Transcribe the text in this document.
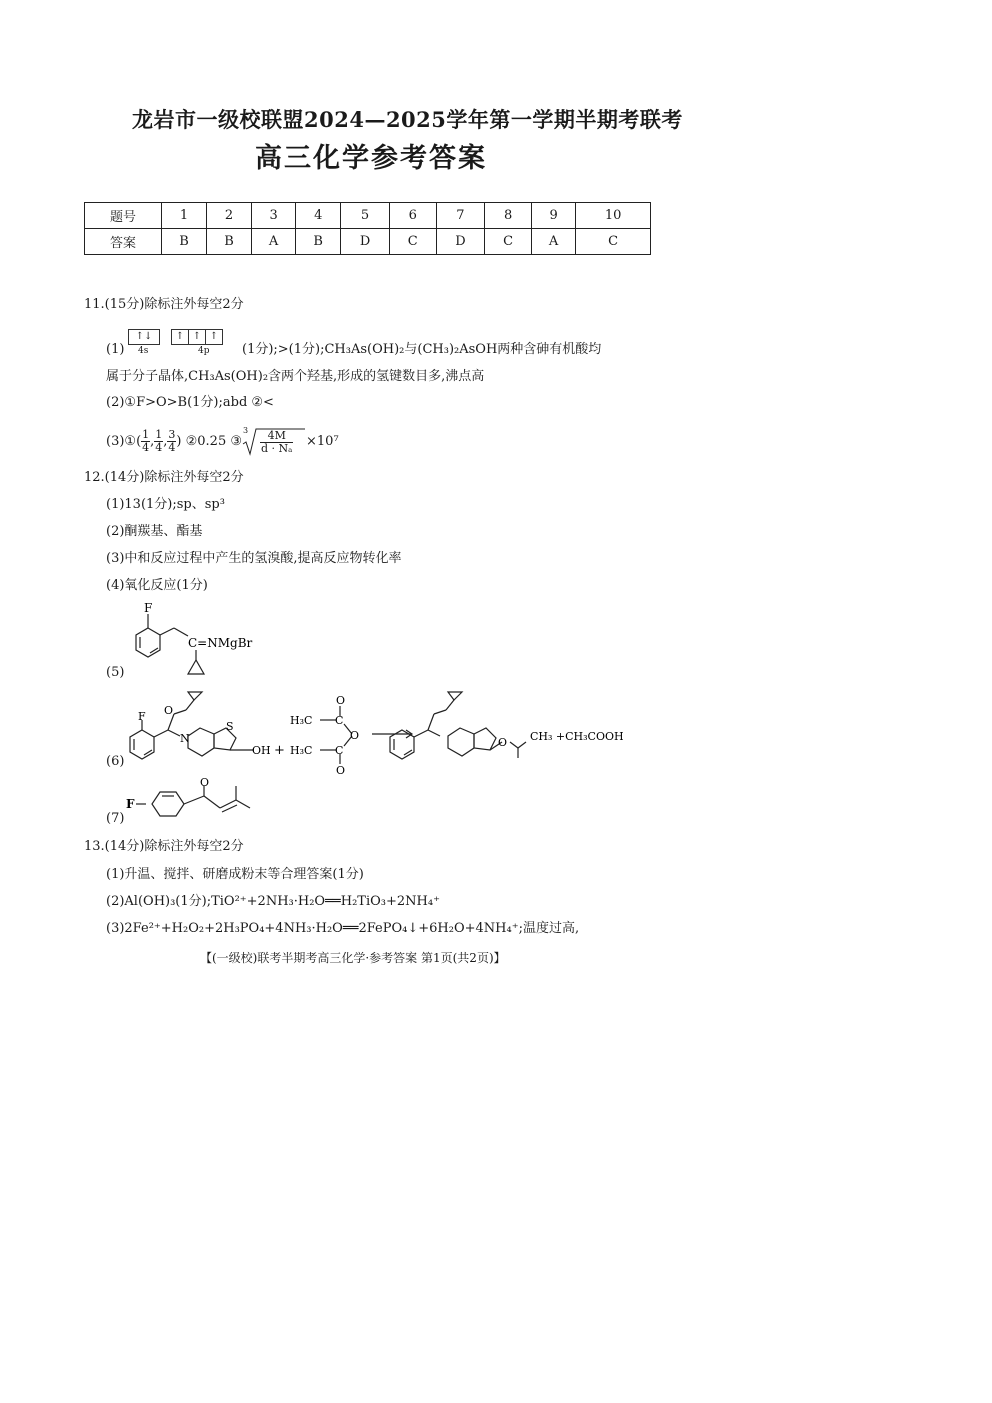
龙岩市一级校联盟2024—2025学年第一学期半期考联考
高三化学参考答案
题号	1	2	3	4	5	6	7	8	9	10
答案	B	B	A	B	D	C	D	C	A	C
11.(15分)除标注外每空2分
(1)
↑↓
4s
↑ ↑ ↑
4p	(1分);>(1分);CH₃As(OH)₂与(CH₃)₂AsOH两种含砷有机酸均
属于分子晶体,CH₃As(OH)₂含两个羟基,形成的氢键数目多,沸点高
(2)①F>O>B(1分);abd ②<
(3)①( $\frac{1}{4}$ , $\frac{1}{4}$ , $\frac{3}{4}$ ) ②0.25 ③
$3 \frac{4M}{\text{d · Nₐ}} \times 10^7$
12.(14分)除标注外每空2分
(1)13(1分);sp、sp³
(2)酮羰基、酯基
(3)中和反应过程中产生的氢溴酸,提高反应物转化率
(4)氧化反应(1分)
(5)
F
C=NMgBr
(6)
F O
S
N
OH +
H₃C C
O
O
H₃C C
O
O CH₃ +CH₃COOH
(7)
F
O
13.(14分)除标注外每空2分
(1)升温、搅拌、研磨成粉末等合理答案(1分)
(2)Al(OH)₃(1分);TiO²⁺+2NH₃·H₂O══H₂TiO₃+2NH₄⁺
(3)2Fe²⁺+H₂O₂+2H₃PO₄+4NH₃·H₂O══2FePO₄↓+6H₂O+4NH₄⁺;温度过高,
【(一级校)联考半期考高三化学·参考答案 第1页(共2页)】
